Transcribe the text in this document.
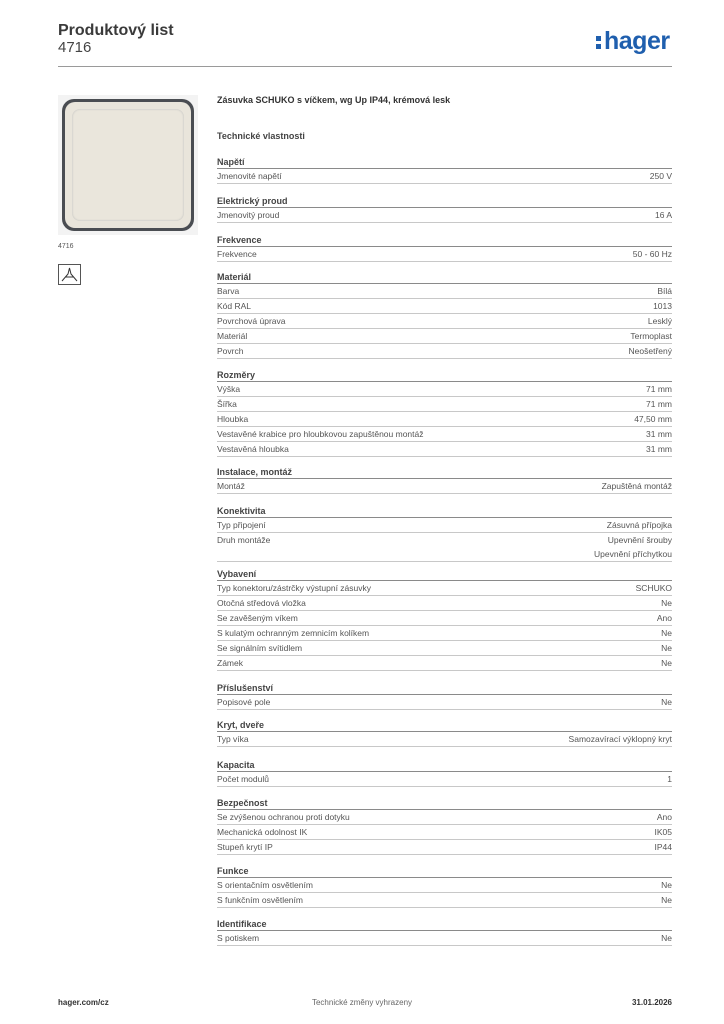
Produktový list
4716	hager
4716
Zásuvka SCHUKO s víčkem, wg Up IP44, krémová lesk
Technické vlastnosti
Napětí
Jmenovité napětí	250 V
Elektrický proud
Jmenovitý proud	16 A
Frekvence
Frekvence	50 - 60 Hz
Materiál
Barva	Bílá
Kód RAL	1013
Povrchová úprava	Lesklý
Materiál	Termoplast
Povrch	Neošetřený
Rozměry
Výška	71 mm
Šířka	71 mm
Hloubka	47,50 mm
Vestavěné krabice pro hloubkovou zapuštěnou montáž	31 mm
Vestavěná hloubka	31 mm
Instalace, montáž
Montáž	Zapuštěná montáž
Konektivita
Typ připojení	Zásuvná přípojka
Druh montáže	Upevnění šrouby
Upevnění příchytkou
Vybavení
Typ konektoru/zástrčky výstupní zásuvky	SCHUKO
Otočná středová vložka	Ne
Se zavěšeným víkem	Ano
S kulatým ochranným zemnicím kolíkem	Ne
Se signálním svítidlem	Ne
Zámek	Ne
Příslušenství
Popisové pole	Ne
Kryt, dveře
Typ víka	Samozavírací výklopný kryt
Kapacita
Počet modulů	1
Bezpečnost
Se zvýšenou ochranou proti dotyku	Ano
Mechanická odolnost IK	IK05
Stupeň krytí IP	IP44
Funkce
S orientačním osvětlením	Ne
S funkčním osvětlením	Ne
Identifikace
S potiskem	Ne
hager.com/cz	Technické změny vyhrazeny	31.01.2026
